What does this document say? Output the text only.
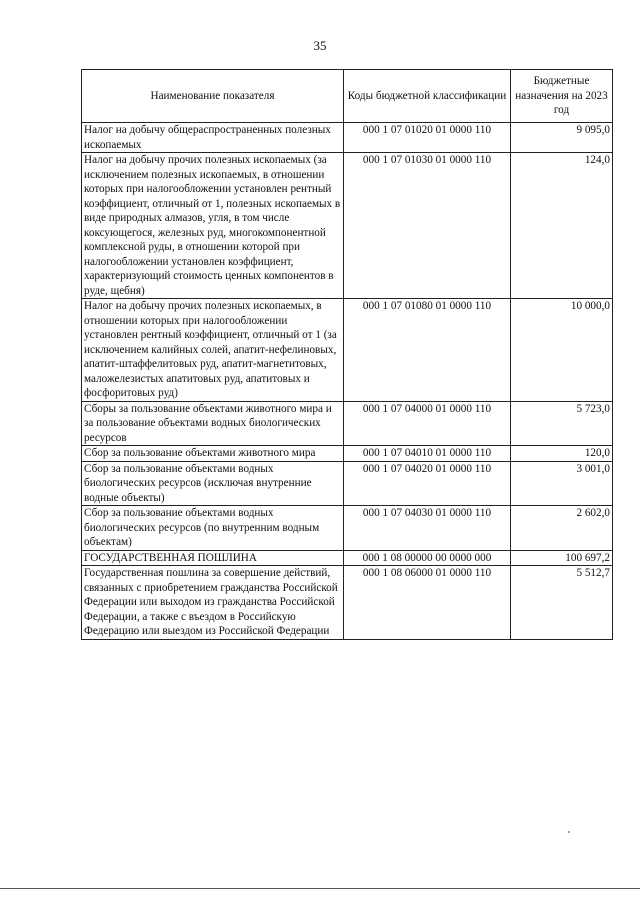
35
Наименование показателя	Коды бюджетной классификации	Бюджетные назначения на 2023 год
Налог на добычу общераспространенных полезных ископаемых	000 1 07 01020 01 0000 110	9 095,0
Налог на добычу прочих полезных ископаемых (за исключением полезных ископаемых, в отношении которых при налогообложении установлен рентный коэффициент, отличный от 1, полезных ископаемых в виде природных алмазов, угля, в том числе коксующегося, железных руд, многокомпонентной комплексной руды, в отношении которой при налогообложении установлен коэффициент, характеризующий стоимость ценных компонентов в руде, щебня)	000 1 07 01030 01 0000 110	124,0
Налог на добычу прочих полезных ископаемых, в отношении которых при налогообложении установлен рентный коэффициент, отличный от 1 (за исключением калийных солей, апатит-нефелиновых, апатит-штаффелитовых руд, апатит-магнетитовых, маложелезистых апатитовых руд, апатитовых и фосфоритовых руд)	000 1 07 01080 01 0000 110	10 000,0
Сборы за пользование объектами животного мира и за пользование объектами водных биологических ресурсов	000 1 07 04000 01 0000 110	5 723,0
Сбор за пользование объектами животного мира	000 1 07 04010 01 0000 110	120,0
Сбор за пользование объектами водных биологических ресурсов (исключая внутренние водные объекты)	000 1 07 04020 01 0000 110	3 001,0
Сбор за пользование объектами водных биологических ресурсов (по внутренним водным объектам)	000 1 07 04030 01 0000 110	2 602,0
ГОСУДАРСТВЕННАЯ ПОШЛИНА	000 1 08 00000 00 0000 000	100 697,2
Государственная пошлина за совершение действий, связанных с приобретением гражданства Российской Федерации или выходом из гражданства Российской Федерации, а также с въездом в Российскую Федерацию или выездом из Российской Федерации	000 1 08 06000 01 0000 110	5 512,7
